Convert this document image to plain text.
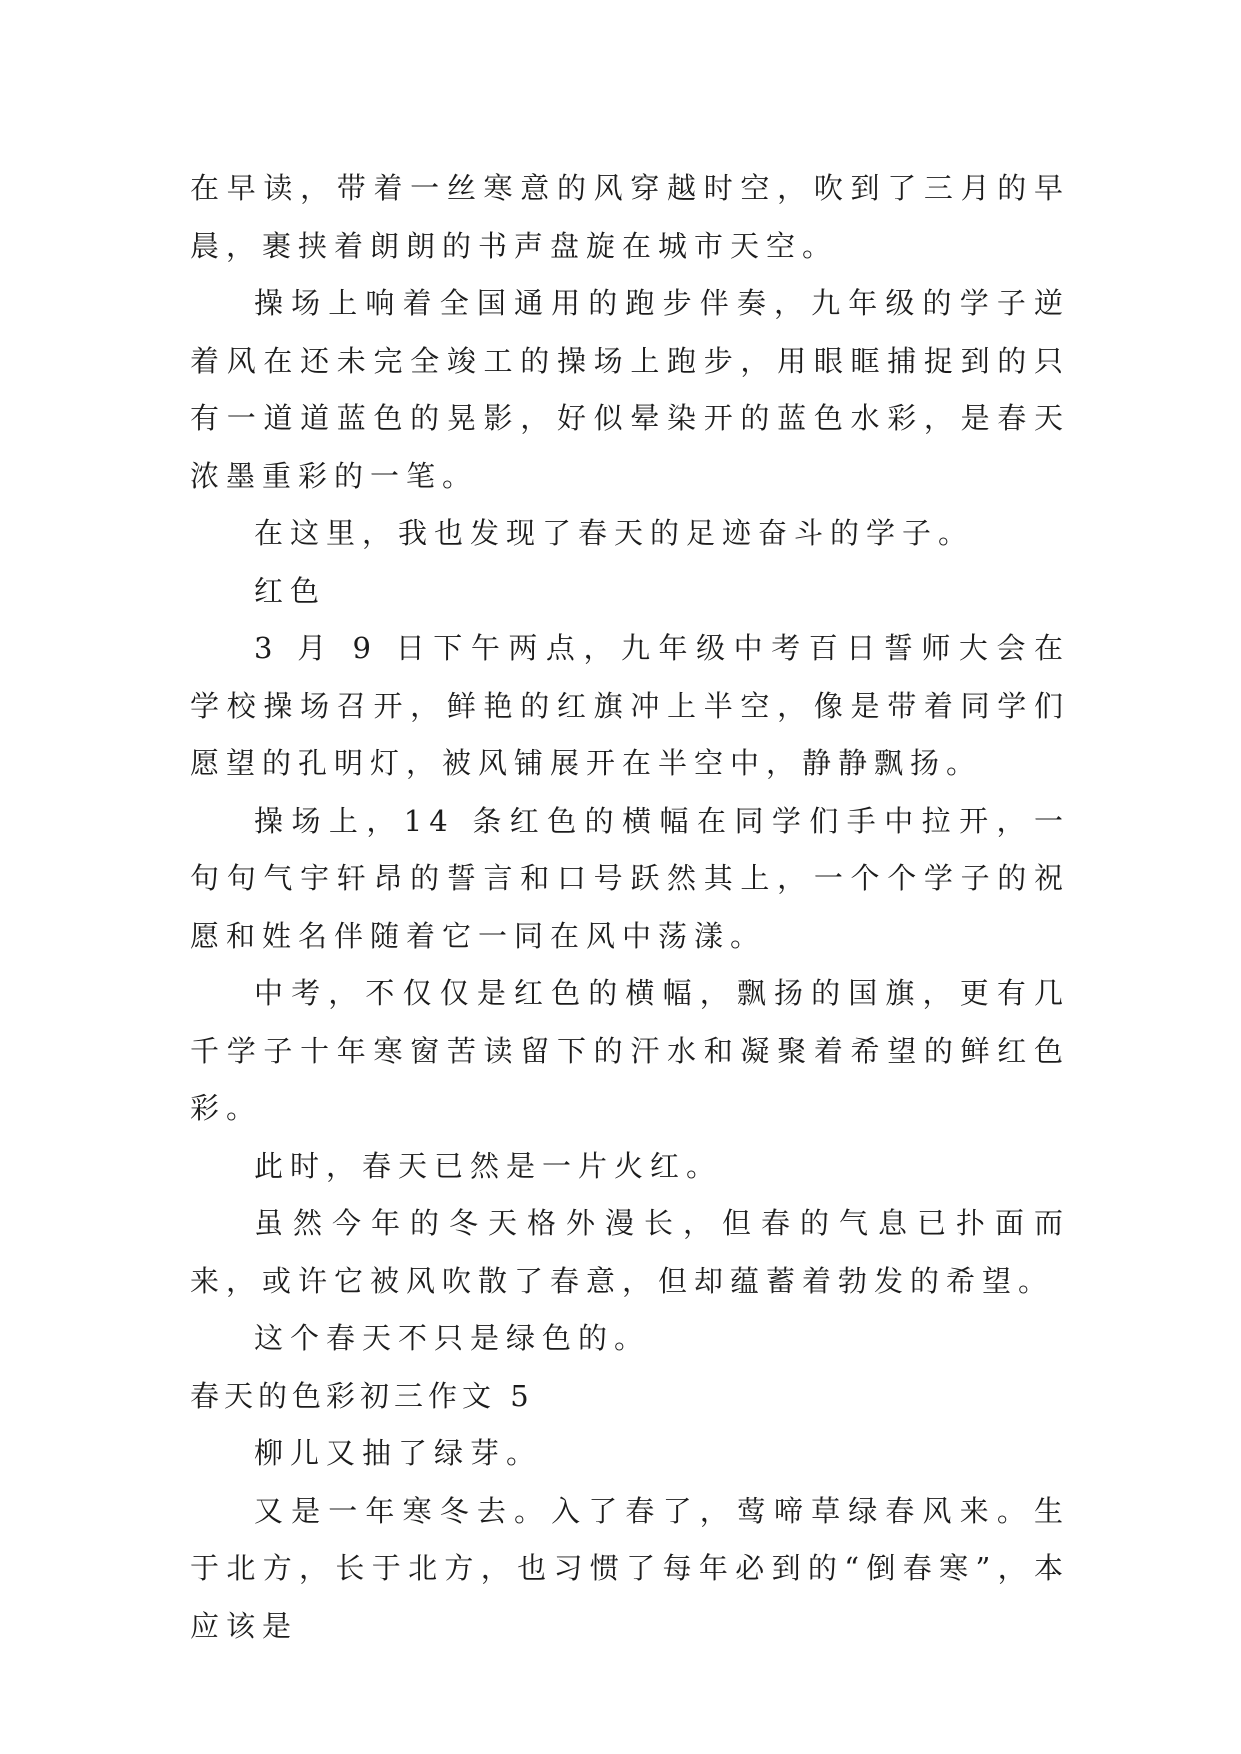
在早读，带着一丝寒意的风穿越时空，吹到了三月的早晨，裹挟着朗朗的书声盘旋在城市天空。

操场上响着全国通用的跑步伴奏，九年级的学子逆着风在还未完全竣工的操场上跑步，用眼眶捕捉到的只有一道道蓝色的晃影，好似晕染开的蓝色水彩，是春天浓墨重彩的一笔。

在这里，我也发现了春天的足迹奋斗的学子。

红色

3 月 9 日下午两点，九年级中考百日誓师大会在学校操场召开，鲜艳的红旗冲上半空，像是带着同学们愿望的孔明灯，被风铺展开在半空中，静静飘扬。

操场上，14 条红色的横幅在同学们手中拉开，一句句气宇轩昂的誓言和口号跃然其上，一个个学子的祝愿和姓名伴随着它一同在风中荡漾。

中考，不仅仅是红色的横幅，飘扬的国旗，更有几千学子十年寒窗苦读留下的汗水和凝聚着希望的鲜红色彩。

此时，春天已然是一片火红。

虽然今年的冬天格外漫长，但春的气息已扑面而来，或许它被风吹散了春意，但却蕴蓄着勃发的希望。

这个春天不只是绿色的。

春天的色彩初三作文 5

柳儿又抽了绿芽。

又是一年寒冬去。入了春了，莺啼草绿春风来。生于北方，长于北方，也习惯了每年必到的“倒春寒”，本应该是
